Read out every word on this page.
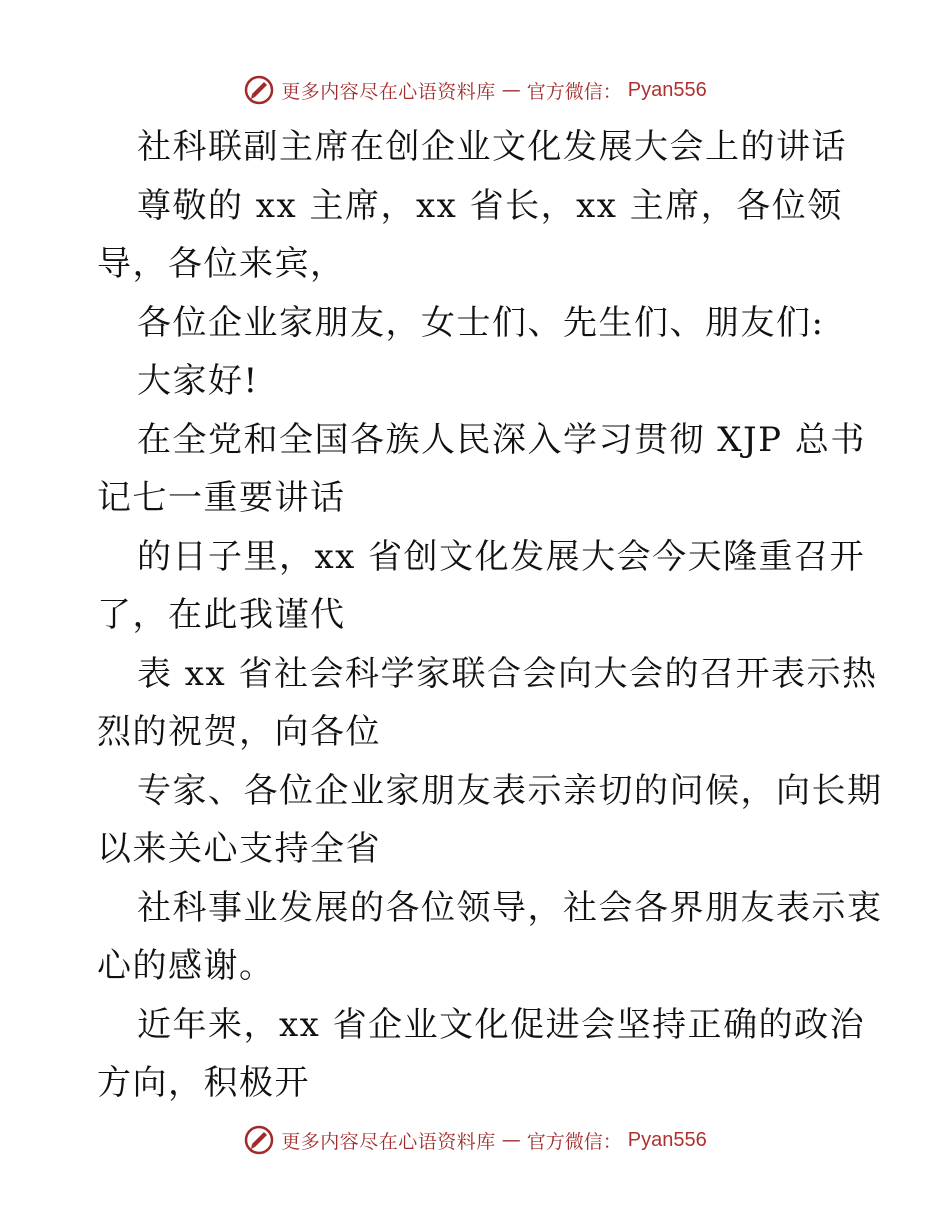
更多内容尽在心语资料库 — 官方微信： Pyan556
社科联副主席在创企业文化发展大会上的讲话
尊敬的 xx 主席，xx 省长，xx 主席，各位领
导，各位来宾，
各位企业家朋友，女士们、先生们、朋友们:
大家好!
在全党和全国各族人民深入学习贯彻 XJP 总书
记七一重要讲话
的日子里，xx 省创文化发展大会今天隆重召开
了，在此我谨代
表 xx 省社会科学家联合会向大会的召开表示热
烈的祝贺，向各位
专家、各位企业家朋友表示亲切的问候，向长期
以来关心支持全省
社科事业发展的各位领导，社会各界朋友表示衷
心的感谢。
近年来，xx 省企业文化促进会坚持正确的政治
方向，积极开
更多内容尽在心语资料库 — 官方微信： Pyan556
